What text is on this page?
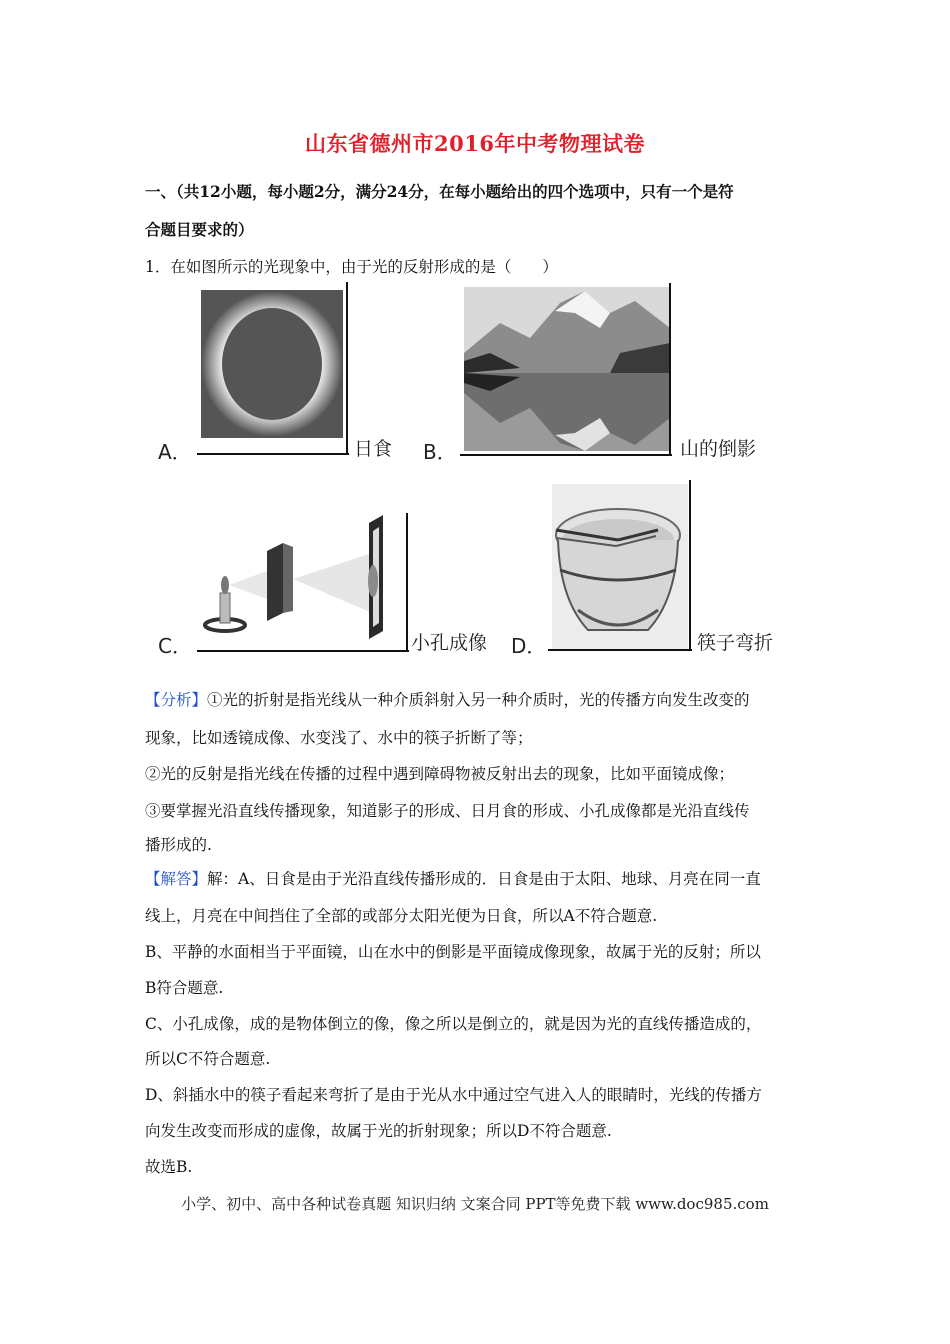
山东省德州市2016年中考物理试卷
一、（共12小题，每小题2分，满分24分，在每小题给出的四个选项中，只有一个是符
合题目要求的）
1．在如图所示的光现象中，由于光的反射形成的是（　　）
A．	日食 B．	山的倒影
C．	小孔成像 D．	筷子弯折
【分析】①光的折射是指光线从一种介质斜射入另一种介质时，光的传播方向发生改变的
现象，比如透镜成像、水变浅了、水中的筷子折断了等；
②光的反射是指光线在传播的过程中遇到障碍物被反射出去的现象，比如平面镜成像；
③要掌握光沿直线传播现象，知道影子的形成、日月食的形成、小孔成像都是光沿直线传
播形成的.
【解答】解：A、日食是由于光沿直线传播形成的．日食是由于太阳、地球、月亮在同一直
线上，月亮在中间挡住了全部的或部分太阳光便为日食，所以A不符合题意.
B、平静的水面相当于平面镜，山在水中的倒影是平面镜成像现象，故属于光的反射；所以
B符合题意.
C、小孔成像，成的是物体倒立的像，像之所以是倒立的，就是因为光的直线传播造成的，
所以C不符合题意.
D、斜插水中的筷子看起来弯折了是由于光从水中通过空气进入人的眼睛时，光线的传播方
向发生改变而形成的虚像，故属于光的折射现象；所以D不符合题意.
故选B.
小学、初中、高中各种试卷真题 知识归纳 文案合同 PPT等免费下载 www.doc985.com
